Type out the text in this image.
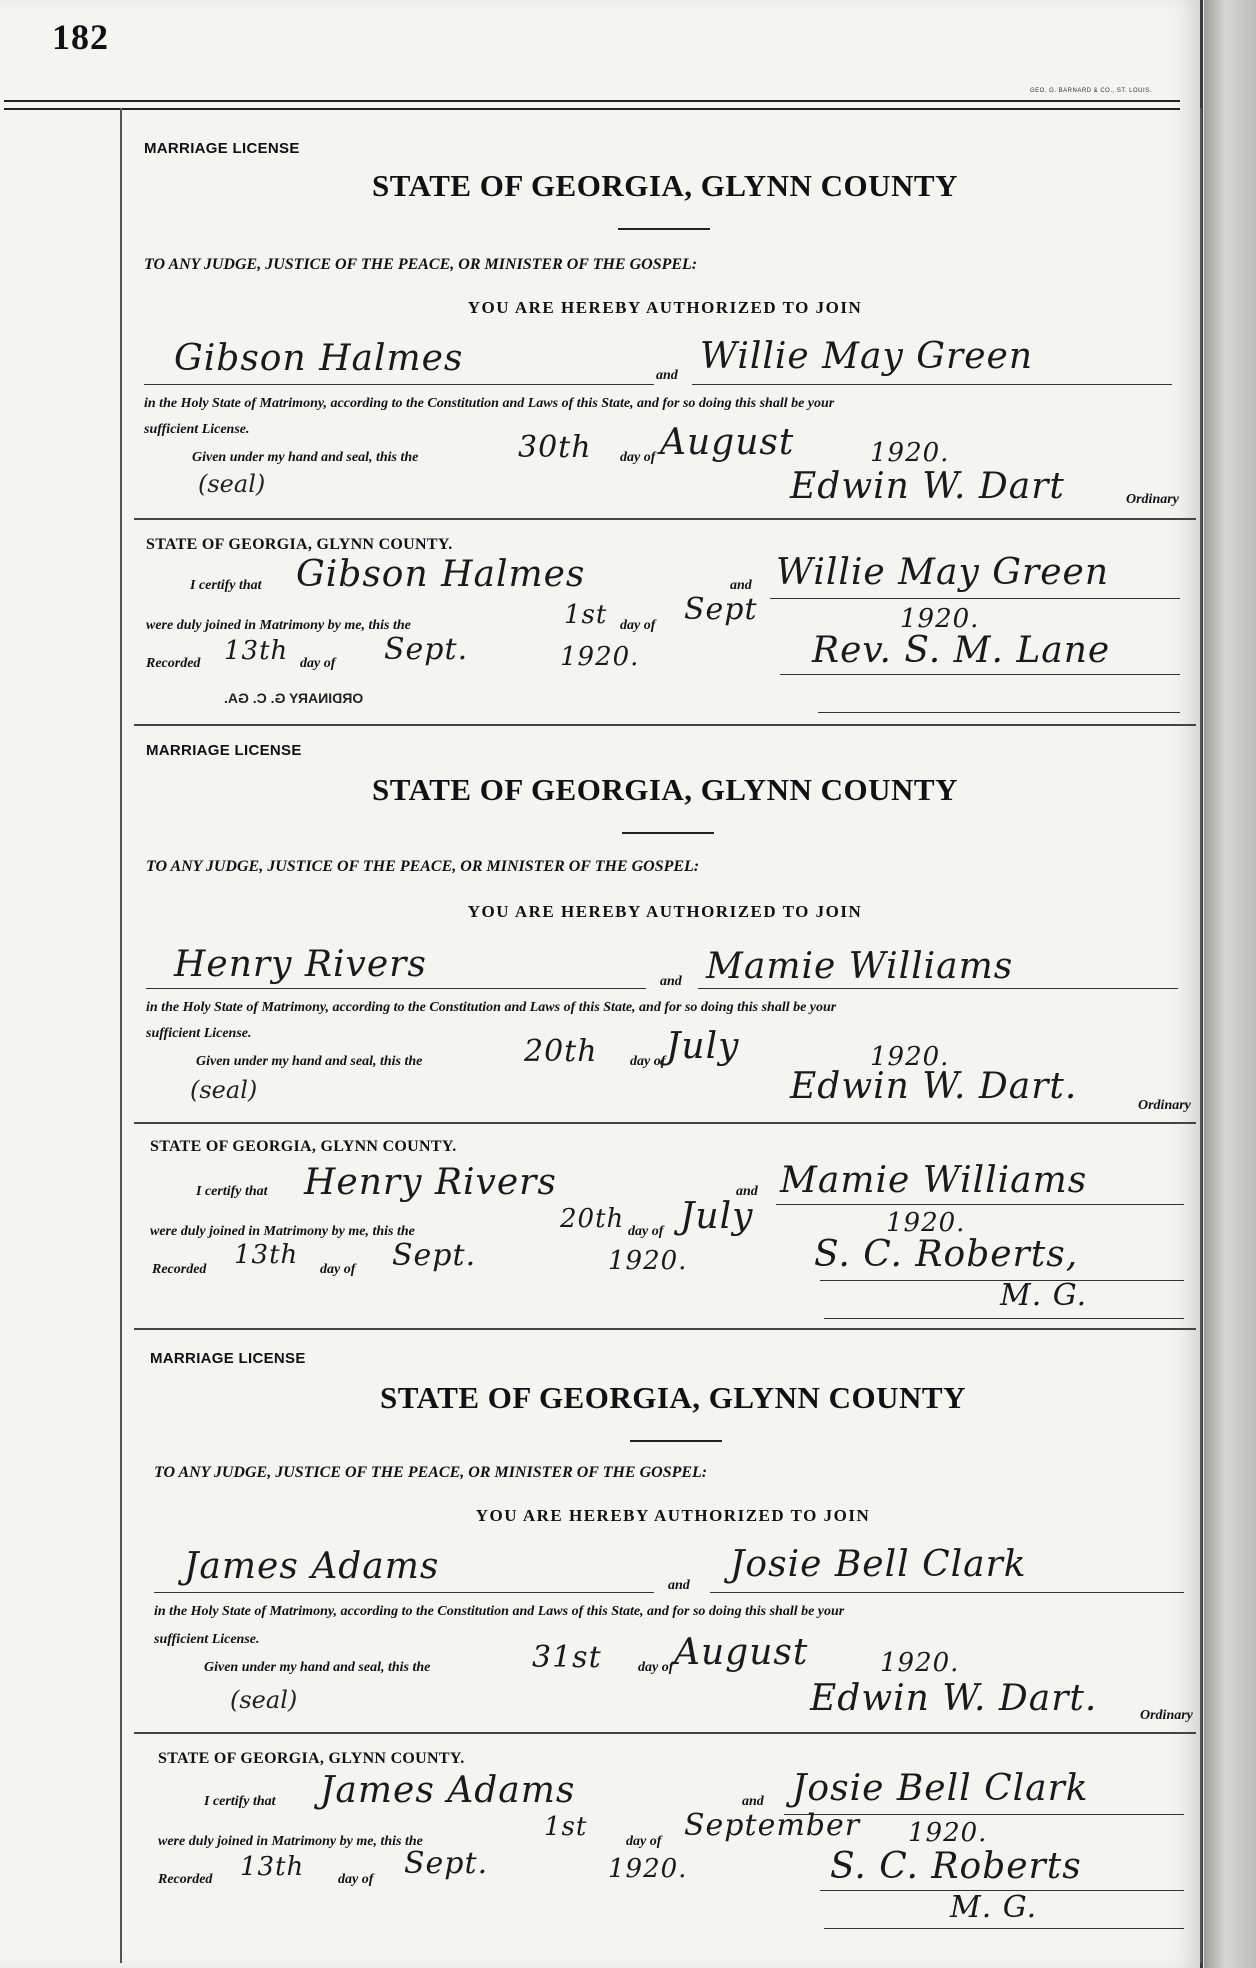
182
GEO. G. BARNARD & CO., ST. LOUIS.
MARRIAGE LICENSE
STATE OF GEORGIA, GLYNN COUNTY
TO ANY JUDGE, JUSTICE OF THE PEACE, OR MINISTER OF THE GOSPEL:
YOU ARE HEREBY AUTHORIZED TO JOIN
Gibson Halmes	and Willie May Green
in the Holy State of Matrimony, according to the Constitution and Laws of this State, and for so doing this shall be your
sufficient License.
Given under my hand and seal, this the	30th day of August	1920.
(seal)	Edwin W. Dart	Ordinary
STATE OF GEORGIA, GLYNN COUNTY.
I certify that Gibson Halmes	and Willie May Green
were duly joined in Matrimony by me, this the	1st day of Sept	1920.
Recorded 13th day of Sept.	1920.	Rev. S. M. Lane
ORDINARY G. C. GA.
MARRIAGE LICENSE
STATE OF GEORGIA, GLYNN COUNTY
TO ANY JUDGE, JUSTICE OF THE PEACE, OR MINISTER OF THE GOSPEL:
YOU ARE HEREBY AUTHORIZED TO JOIN
Henry Rivers	and Mamie Williams
in the Holy State of Matrimony, according to the Constitution and Laws of this State, and for so doing this shall be your
sufficient License.
Given under my hand and seal, this the	20th day of July	1920.
(seal)	Edwin W. Dart.	Ordinary
STATE OF GEORGIA, GLYNN COUNTY.
I certify that Henry Rivers	and Mamie Williams
were duly joined in Matrimony by me, this the	20th day of July	1920.
Recorded 13th day of Sept.	1920.	S. C. Roberts,
M. G.
MARRIAGE LICENSE
STATE OF GEORGIA, GLYNN COUNTY
TO ANY JUDGE, JUSTICE OF THE PEACE, OR MINISTER OF THE GOSPEL:
YOU ARE HEREBY AUTHORIZED TO JOIN
James Adams	and
Josie Bell Clark
in the Holy State of Matrimony, according to the Constitution and Laws of this State, and for so doing this shall be your
sufficient License.
Given under my hand and seal, this the	31st	day of August	1920.
(seal)	Edwin W. Dart.	Ordinary
STATE OF GEORGIA, GLYNN COUNTY.
I certify that James Adams	and Josie Bell Clark
were duly joined in Matrimony by me, this the	1st	day of September 1920.
Recorded 13th day of Sept.	1920.	S. C. Roberts
M. G.
